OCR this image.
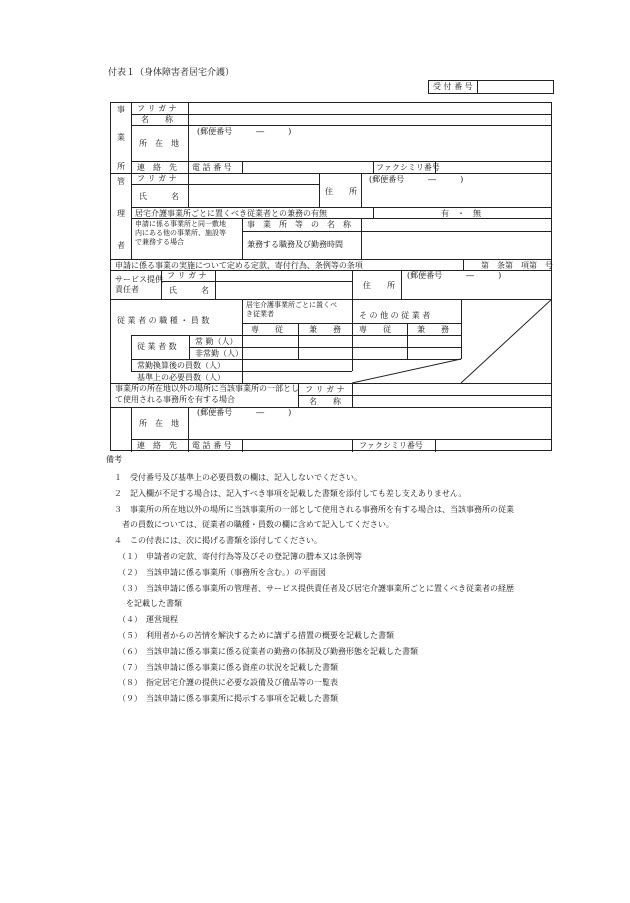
付表１（身体障害者居宅介護）
受 付 番 号
事
業
所
フ リ ガ ナ
名　　称
所　在　地
(郵便番号　　　―　　　)
連　絡　先 電 話 番 号	ファクシミリ番号
管
理
者
フ リ ガ ナ
氏　　　名
住　　所
(郵便番号　　　―　　　)
居宅介護事業所ごとに置くべき従業者との兼務の有無	有　・　無
申請に係る事業所と同一敷地
内にある他の事業所、施設等
で兼務する場合
事　業　所　等　の　名　称
兼務する職務及び勤務時間
申請に係る事業の実施について定める定款、寄付行為、条例等の条項	第　条第　項第　号
サービス提供
責任者
フ リ ガ ナ
氏　　　名
住　　所
(郵便番号　　　―　　　)
従 業 者 の 職 種 ・ 員 数
居宅介護事業所ごとに置くべ
き従業者	そ の 他 の 従 業 者
専　　従	兼　　務 専　　従	兼　　務
従 業 者 数
常 勤（人）
非常勤（人）
常勤換算後の員数（人）
基準上の必要員数（人）
事業所の所在地以外の場所に当該事業所の一部とし
て使用される事務所を有する場合
フ リ ガ ナ
名　　称
所　在　地
(郵便番号　　　―　　　)
連　絡　先 電 話 番 号	ファクシミリ番号
備考
１　受付番号及び基準上の必要員数の欄は、記入しないでください。
２　記入欄が不足する場合は、記入すべき事項を記載した書類を添付しても差し支えありません。
３　事業所の所在地以外の場所に当該事業所の一部として使用される事務所を有する場合は、当該事務所の従業
　者の員数については、従業者の職種・員数の欄に含めて記入してください。
４　この付表には、次に掲げる書類を添付してください。
（１）　申請者の定款、寄付行為等及びその登記簿の謄本又は条例等
（２）　当該申請に係る事業所（事務所を含む。）の平面図
（３）　当該申請に係る事業所の管理者、サービス提供責任者及び居宅介護事業所ごとに置くべき従業者の経歴
　を記載した書類
（４）　運営規程
（５）　利用者からの苦情を解決するために講ずる措置の概要を記載した書類
（６）　当該申請に係る事業に係る従業者の勤務の体制及び勤務形態を記載した書類
（７）　当該申請に係る事業に係る資産の状況を記載した書類
（８）　指定居宅介護の提供に必要な設備及び備品等の一覧表
（９）　当該申請に係る事業所に掲示する事項を記載した書類
